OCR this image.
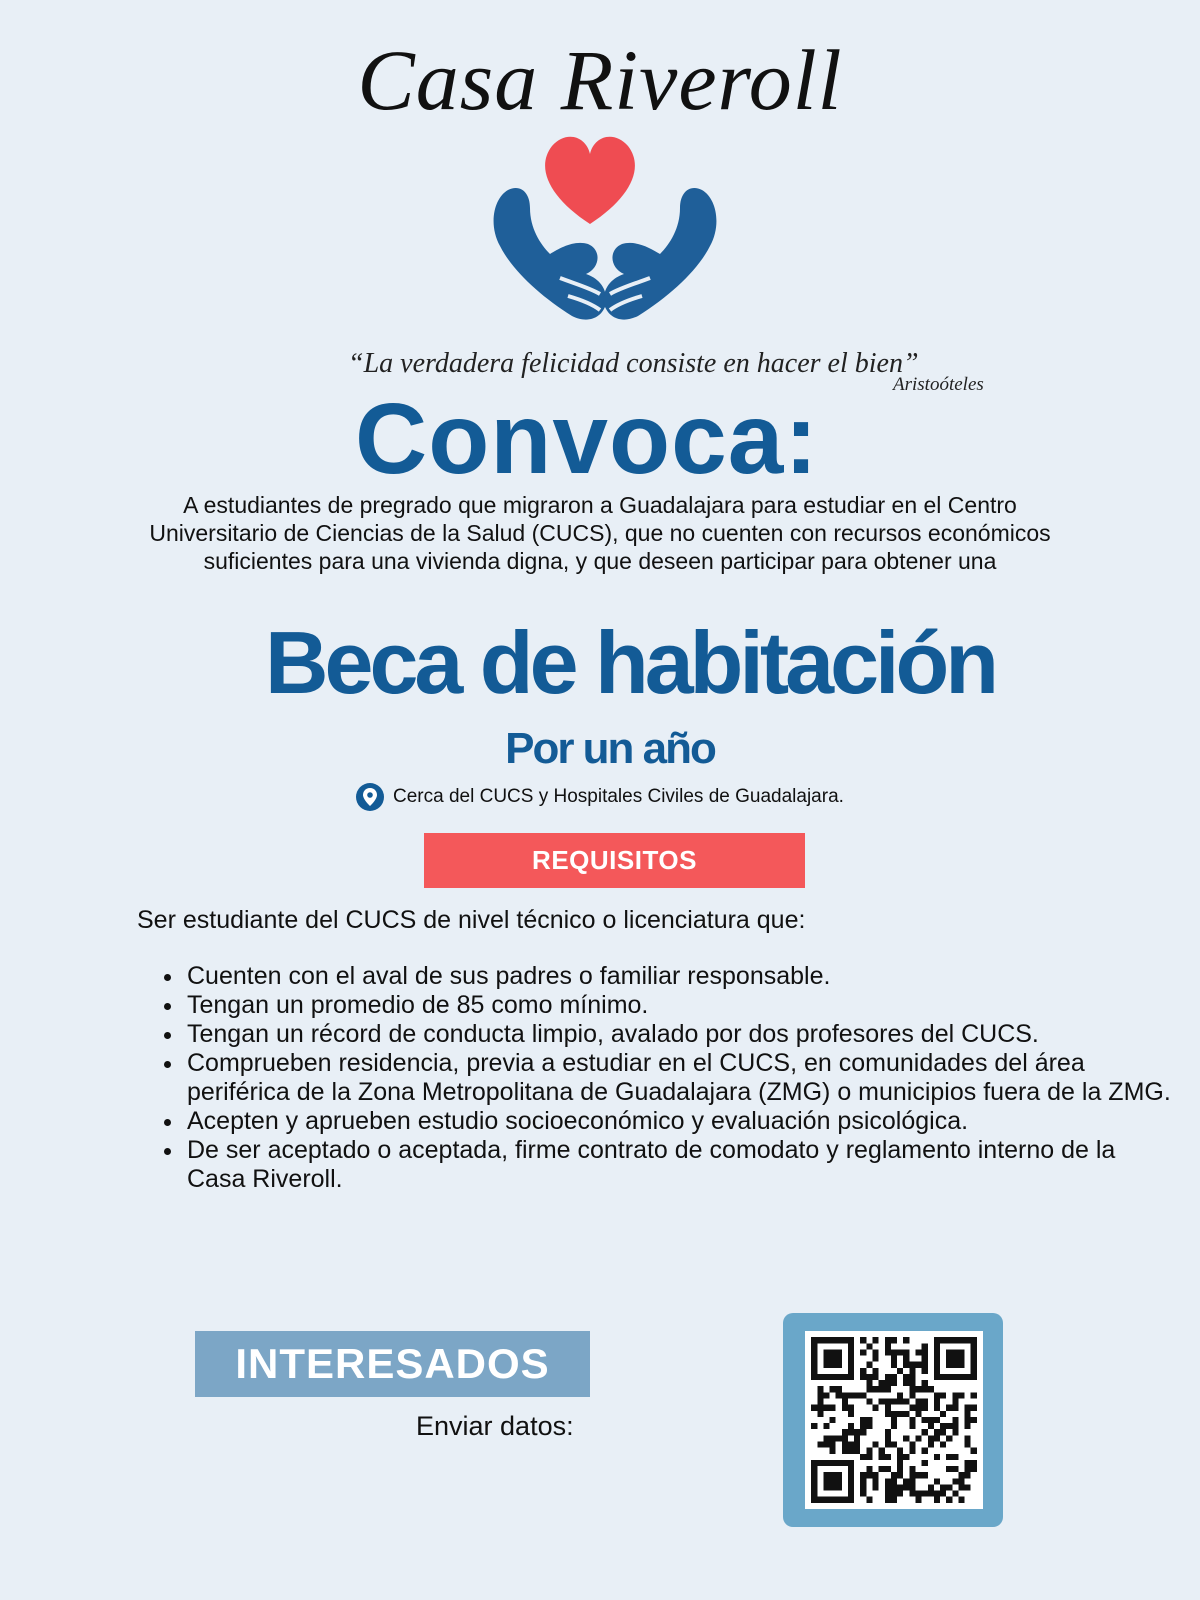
Casa Riveroll
“La verdadera felicidad consiste en hacer el bien”
Aristoóteles
Convoca:
A estudiantes de pregrado que migraron a Guadalajara para estudiar en el Centro Universitario de Ciencias de la Salud (CUCS), que no cuenten con recursos económicos suficientes para una vivienda digna, y que deseen participar para obtener una
Beca de habitación
Por un año
Cerca del CUCS y Hospitales Civiles de Guadalajara.
REQUISITOS
Ser estudiante del CUCS de nivel técnico o licenciatura que:
• Cuenten con el aval de sus padres o familiar responsable.
• Tengan un promedio de 85 como mínimo.
• Tengan un récord de conducta limpio, avalado por dos profesores del CUCS.
• Comprueben residencia, previa a estudiar en el CUCS, en comunidades del área periférica de la Zona Metropolitana de Guadalajara (ZMG) o municipios fuera de la ZMG.
• Acepten y aprueben estudio socioeconómico y evaluación psicológica.
• De ser aceptado o aceptada, firme contrato de comodato y reglamento interno de la Casa Riveroll.
INTERESADOS
Enviar datos:
